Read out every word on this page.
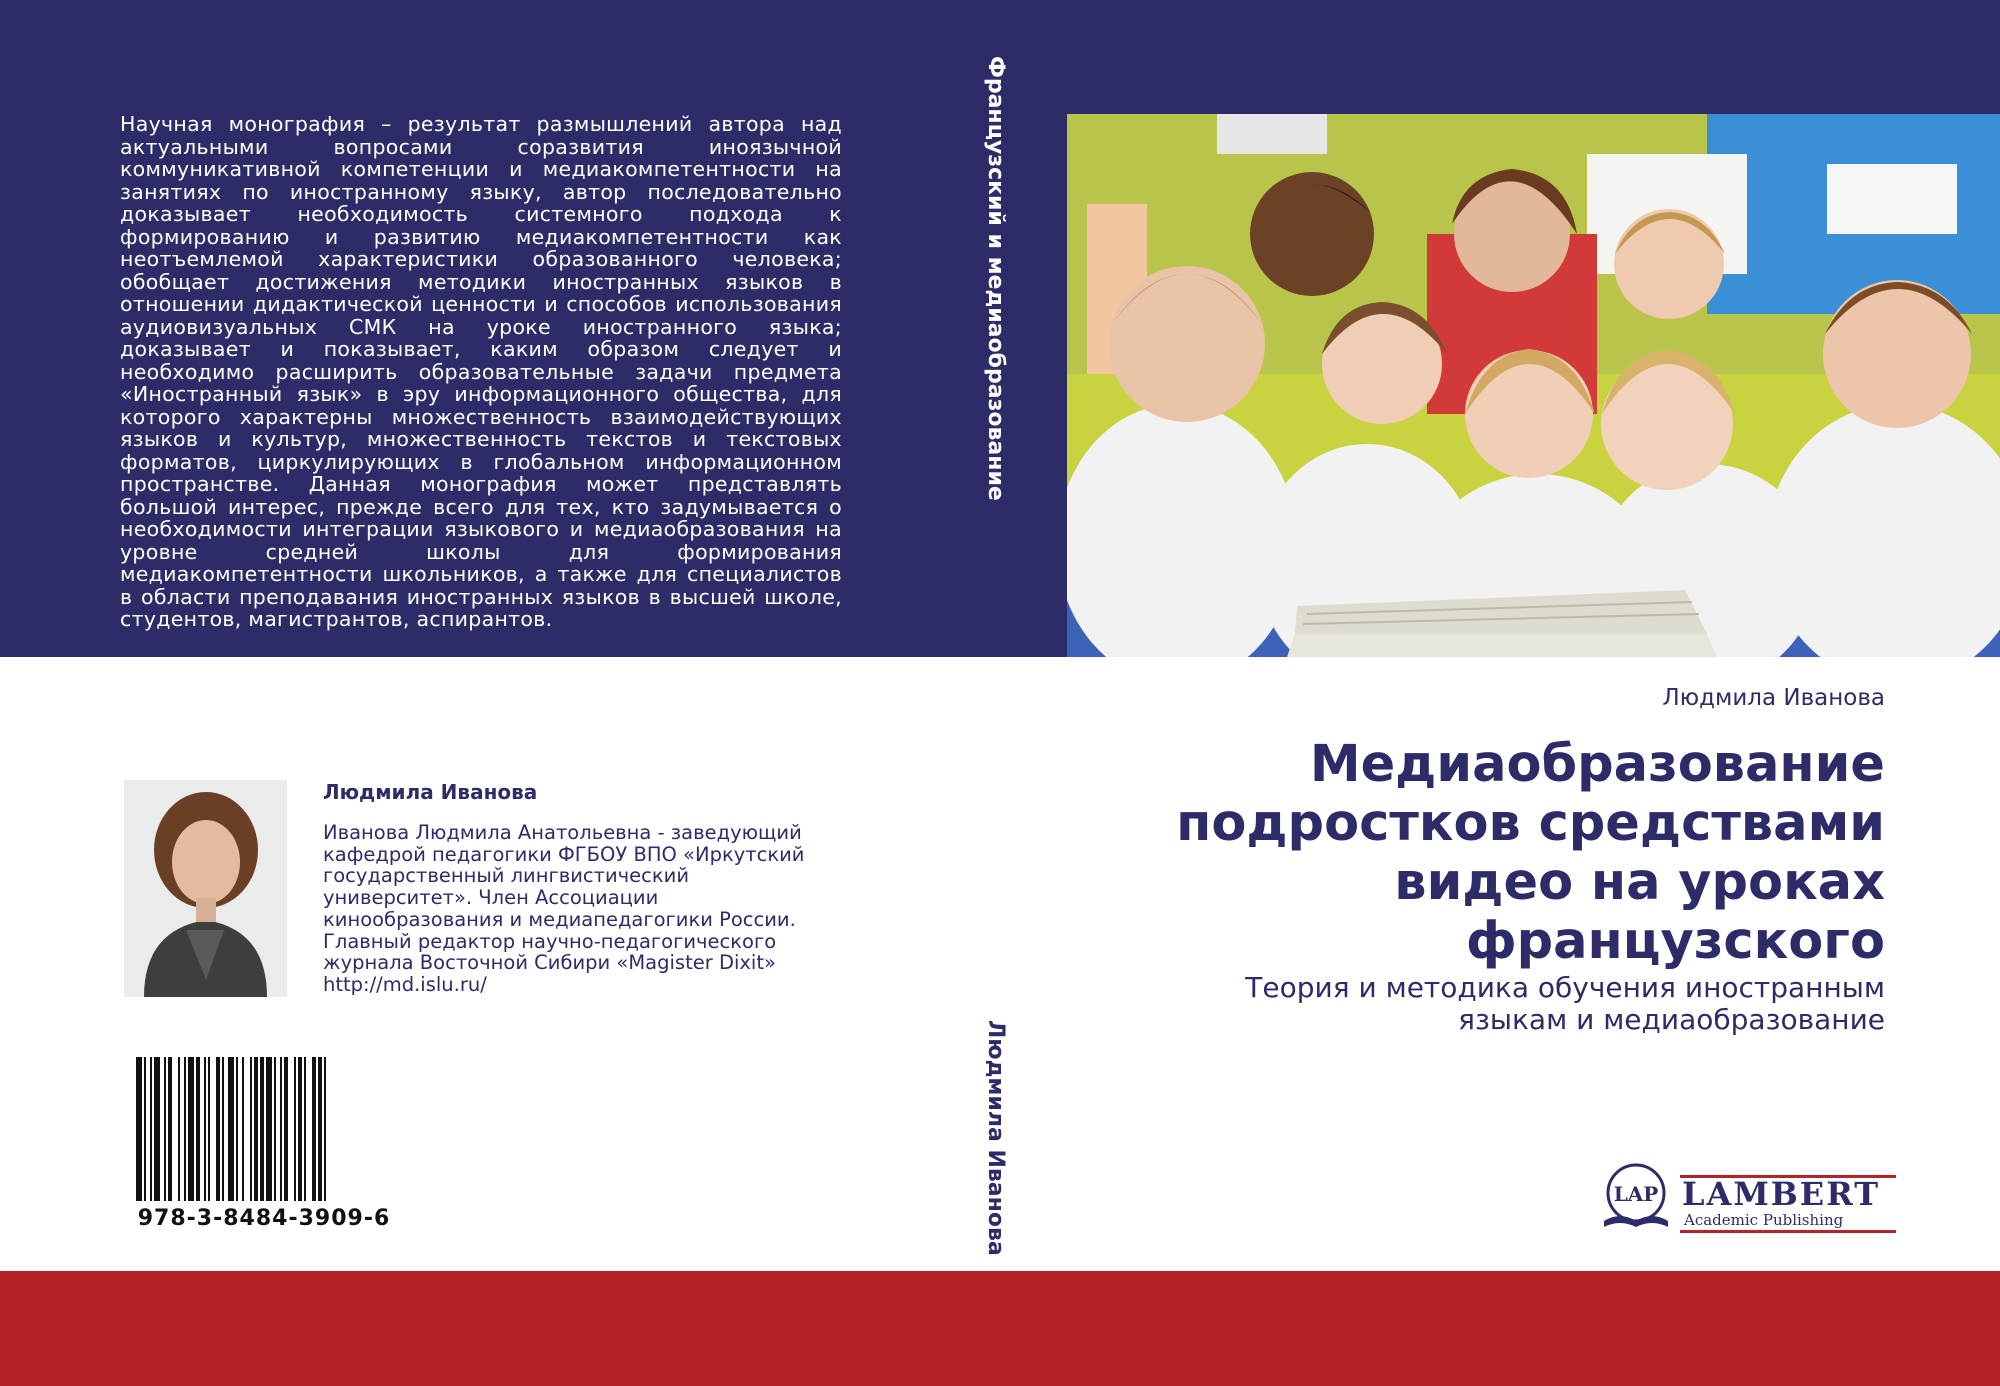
Научная монография – результат размышлений автора над актуальными вопросами соразвития иноязычной коммуникативной компетенции и медиакомпетентности на занятиях по иностранному языку, автор последовательно доказывает необходимость системного подхода к формированию и развитию медиакомпетентности как неотъемлемой характеристики образованного человека; обобщает достижения методики иностранных языков в отношении дидактической ценности и способов использования аудиовизуальных СМК на уроке иностранного языка; доказывает и показывает, каким образом следует и необходимо расширить образовательные задачи предмета «Иностранный язык» в эру информационного общества, для которого характерны множественность взаимодействующих языков и культур, множественность текстов и текстовых форматов, циркулирующих в глобальном информационном пространстве. Данная монография может представлять большой интерес, прежде всего для тех, кто задумывается о необходимости интеграции языкового и медиаобразования на уровне средней школы для формирования медиакомпетентности школьников, а также для специалистов в области преподавания иностранных языков в высшей школе, студентов, магистрантов, аспирантов.
Французский и медиаобразование
Людмила Иванова
Людмила Иванова
Иванова Людмила Анатольевна - заведующий кафедрой педагогики ФГБОУ ВПО «Иркутский государственный лингвистический университет». Член Ассоциации кинообразования и медиапедагогики России. Главный редактор научно-педагогического журнала Восточной Сибири «Magister Dixit» http://md.islu.ru/
978-3-8484-3909-6
Людмила Иванова
Медиаобразование подростков средствами видео на уроках французского
Теория и методика обучения иностранным языкам и медиаобразование
LAP LAMBERT
Academic Publishing
